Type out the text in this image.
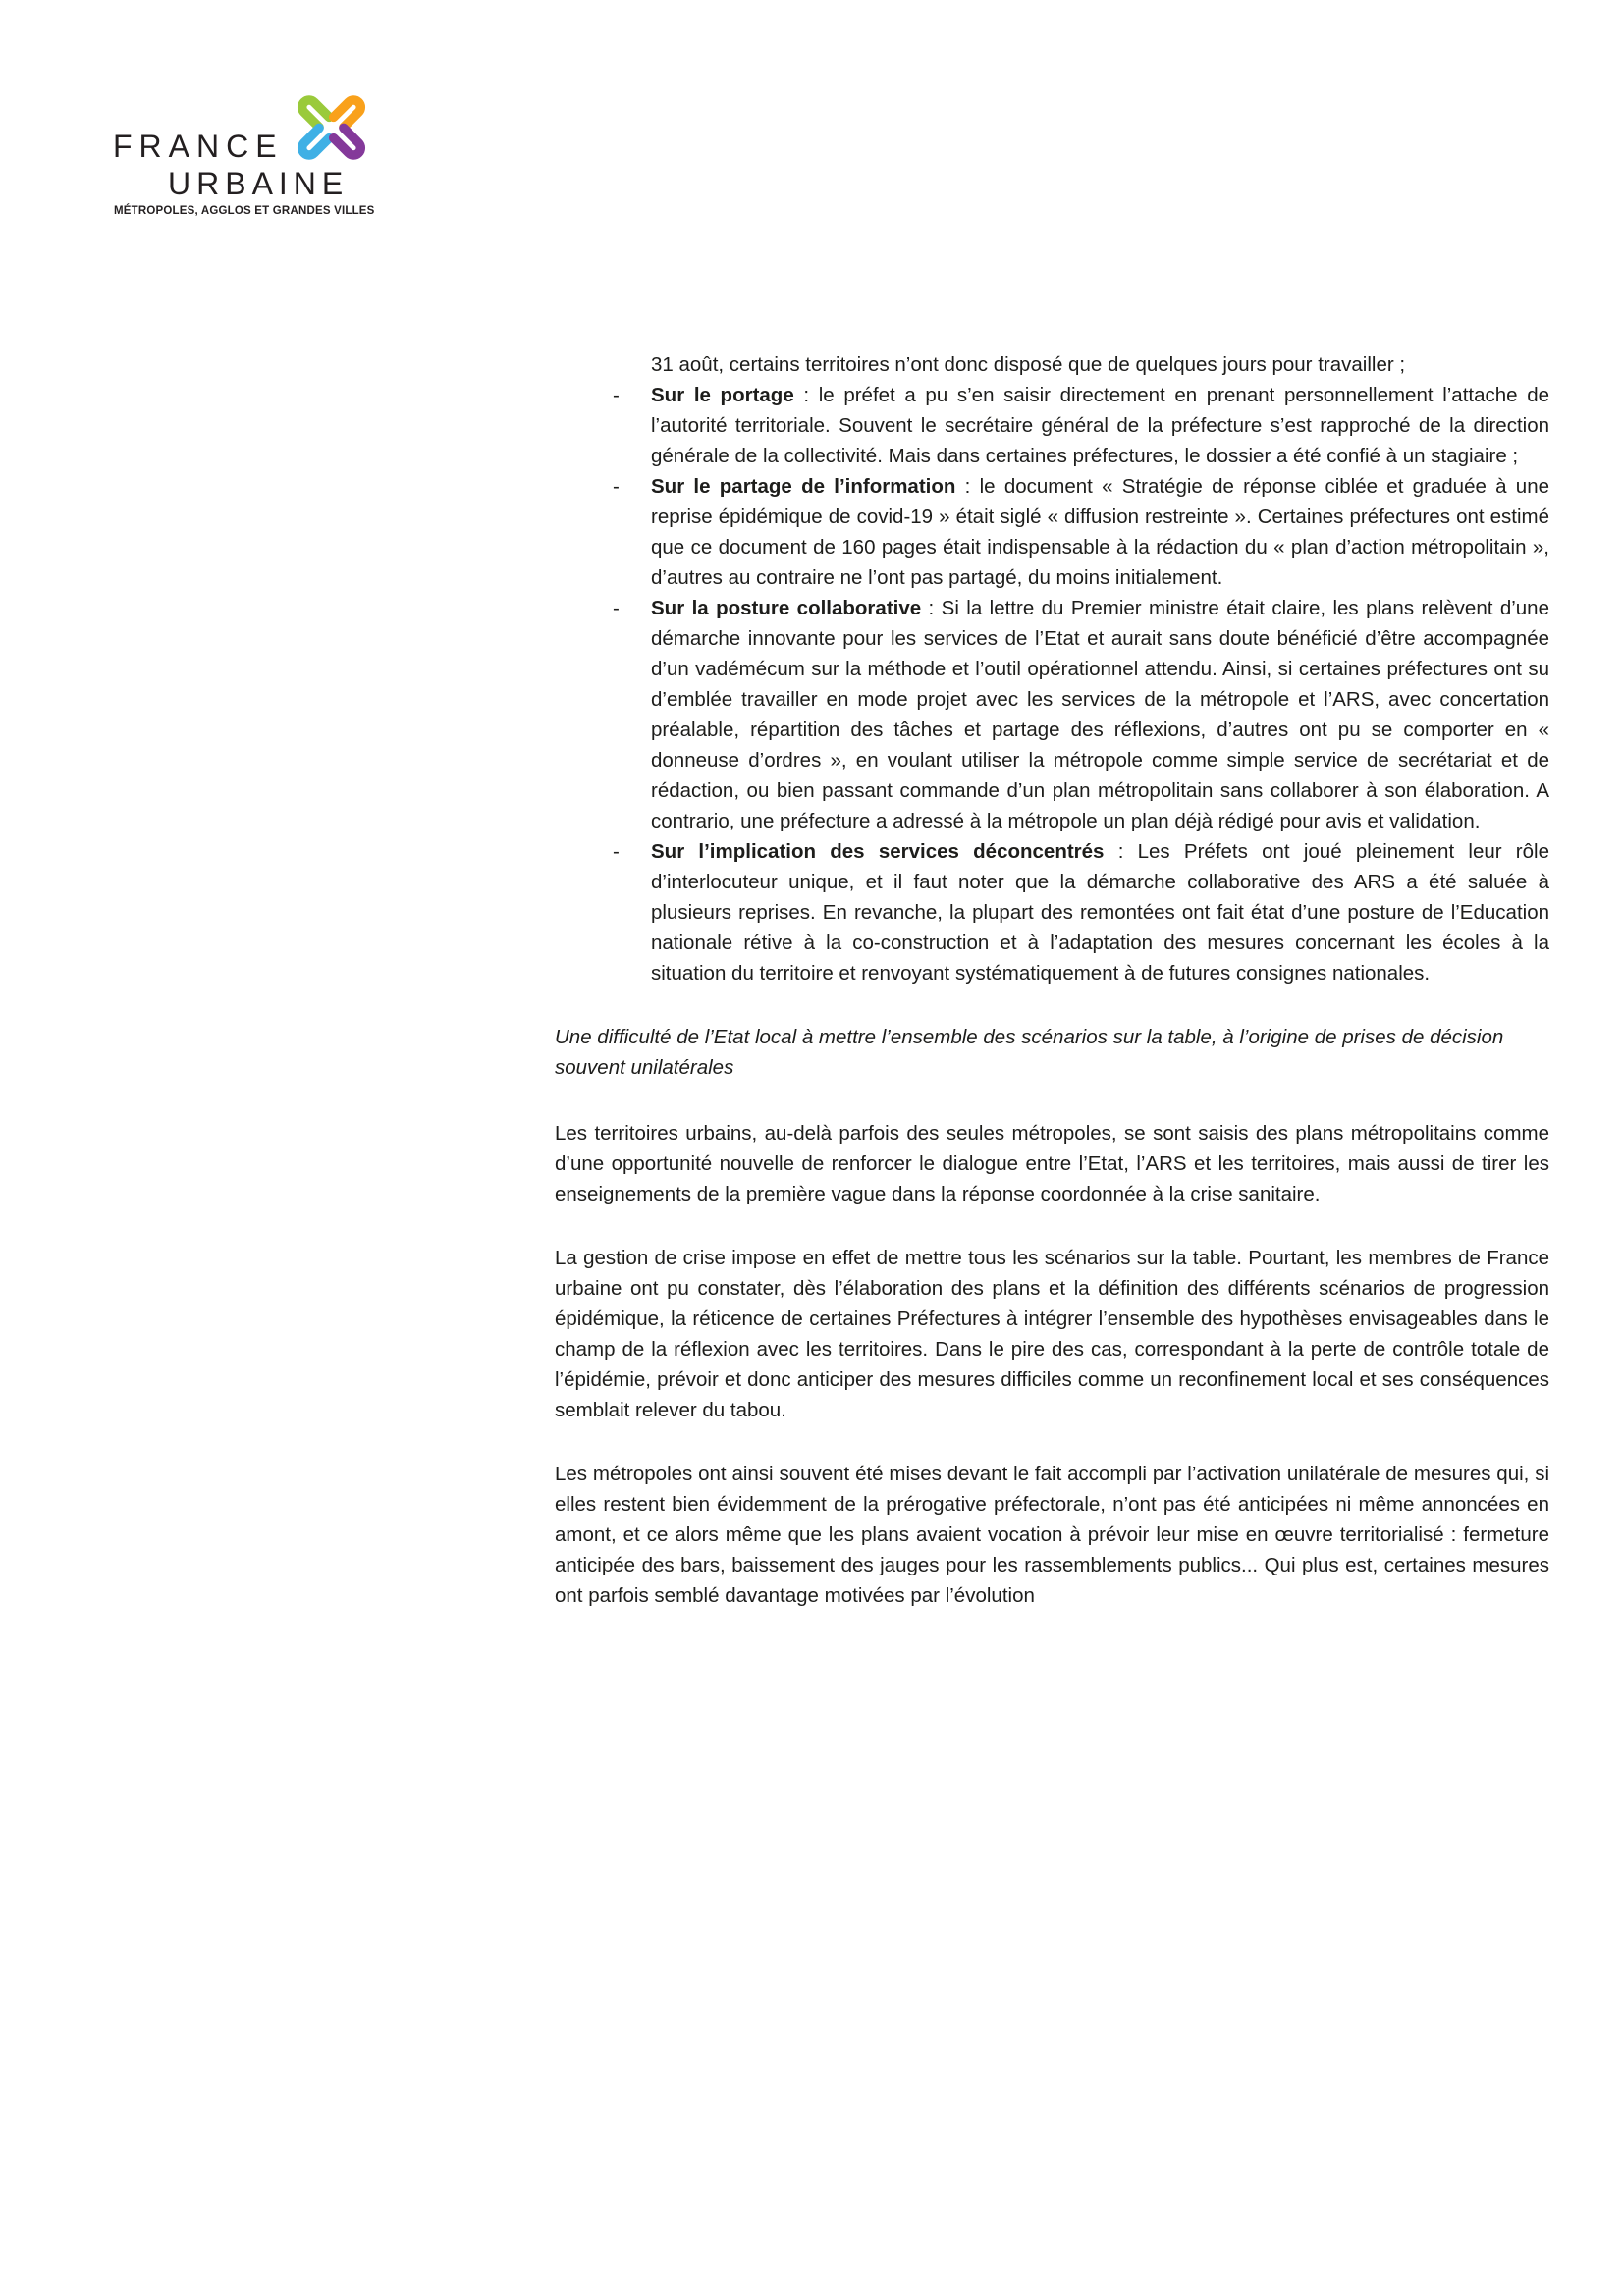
FRANCE
URBAINE
MÉTROPOLES, AGGLOS ET GRANDES VILLES
31 août, certains territoires n’ont donc disposé que de quelques jours pour travailler ;
- Sur le portage : le préfet a pu s’en saisir directement en prenant personnellement l’attache de l’autorité territoriale. Souvent le secrétaire général de la préfecture s’est rapproché de la direction générale de la collectivité. Mais dans certaines préfectures, le dossier a été confié à un stagiaire ;
- Sur le partage de l’information : le document « Stratégie de réponse ciblée et graduée à une reprise épidémique de covid-19 » était siglé « diffusion restreinte ». Certaines préfectures ont estimé que ce document de 160 pages était indispensable à la rédaction du « plan d’action métropolitain », d’autres au contraire ne l’ont pas partagé, du moins initialement.
- Sur la posture collaborative : Si la lettre du Premier ministre était claire, les plans relèvent d’une démarche innovante pour les services de l’Etat et aurait sans doute bénéficié d’être accompagnée d’un vadémécum sur la méthode et l’outil opérationnel attendu. Ainsi, si certaines préfectures ont su d’emblée travailler en mode projet avec les services de la métropole et l’ARS, avec concertation préalable, répartition des tâches et partage des réflexions, d’autres ont pu se comporter en « donneuse d’ordres », en voulant utiliser la métropole comme simple service de secrétariat et de rédaction, ou bien passant commande d’un plan métropolitain sans collaborer à son élaboration. A contrario, une préfecture a adressé à la métropole un plan déjà rédigé pour avis et validation.
- Sur l’implication des services déconcentrés : Les Préfets ont joué pleinement leur rôle d’interlocuteur unique, et il faut noter que la démarche collaborative des ARS a été saluée à plusieurs reprises. En revanche, la plupart des remontées ont fait état d’une posture de l’Education nationale rétive à la co-construction et à l’adaptation des mesures concernant les écoles à la situation du territoire et renvoyant systématiquement à de futures consignes nationales.

Une difficulté de l’Etat local à mettre l’ensemble des scénarios sur la table, à l’origine de prises de décision souvent unilatérales

Les territoires urbains, au-delà parfois des seules métropoles, se sont saisis des plans métropolitains comme d’une opportunité nouvelle de renforcer le dialogue entre l’Etat, l’ARS et les territoires, mais aussi de tirer les enseignements de la première vague dans la réponse coordonnée à la crise sanitaire.

La gestion de crise impose en effet de mettre tous les scénarios sur la table. Pourtant, les membres de France urbaine ont pu constater, dès l’élaboration des plans et la définition des différents scénarios de progression épidémique, la réticence de certaines Préfectures à intégrer l’ensemble des hypothèses envisageables dans le champ de la réflexion avec les territoires. Dans le pire des cas, correspondant à la perte de contrôle totale de l’épidémie, prévoir et donc anticiper des mesures difficiles comme un reconfinement local et ses conséquences semblait relever du tabou.

Les métropoles ont ainsi souvent été mises devant le fait accompli par l’activation unilatérale de mesures qui, si elles restent bien évidemment de la prérogative préfectorale, n’ont pas été anticipées ni même annoncées en amont, et ce alors même que les plans avaient vocation à prévoir leur mise en œuvre territorialisé : fermeture anticipée des bars, baissement des jauges pour les rassemblements publics... Qui plus est, certaines mesures ont parfois semblé davantage motivées par l’évolution
